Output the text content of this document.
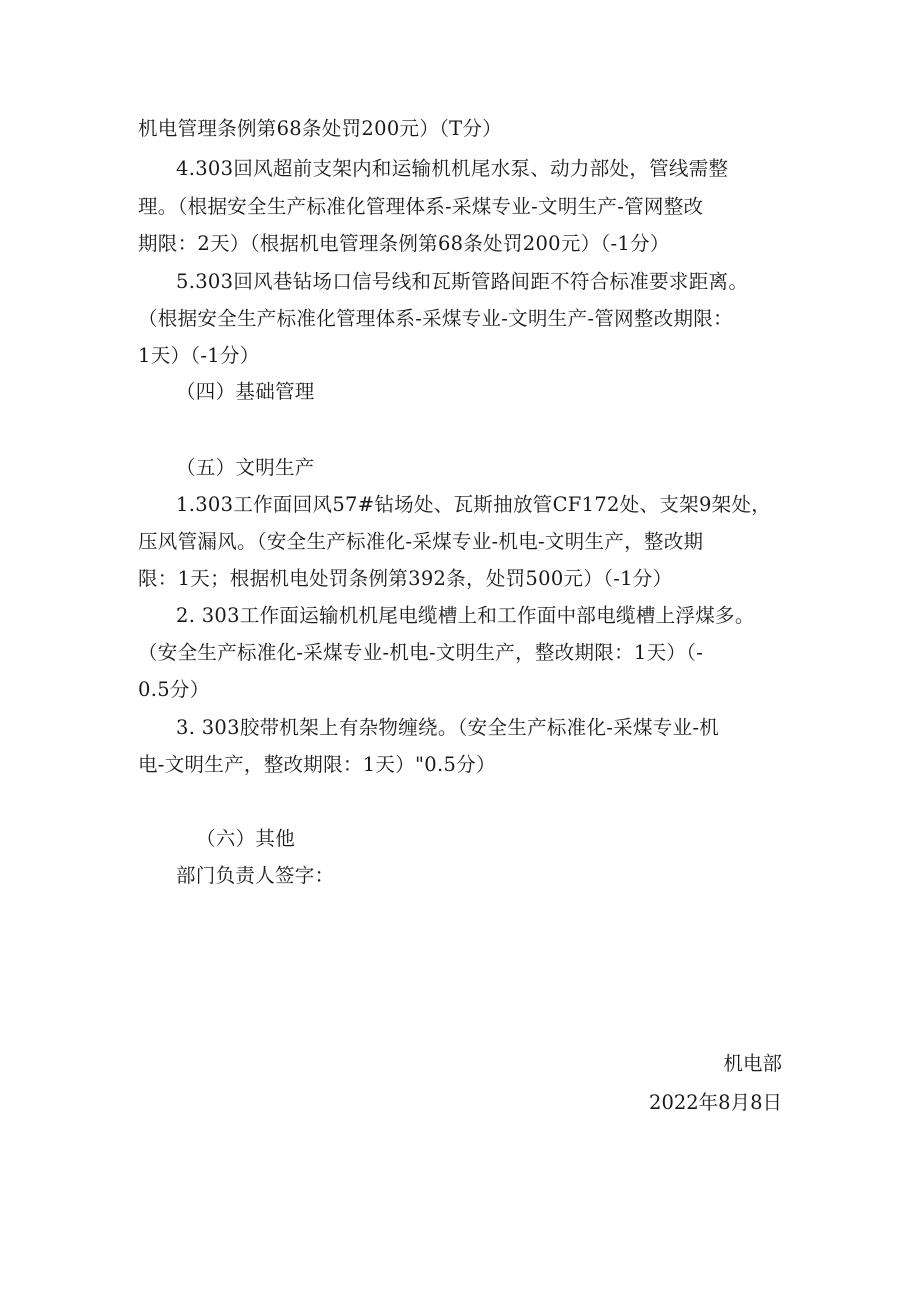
机电管理条例第68条处罚200元）（T分）
4.303回风超前支架内和运输机机尾水泵、动力部处，管线需整
理。（根据安全生产标准化管理体系-采煤专业-文明生产-管网整改
期限：2天）（根据机电管理条例第68条处罚200元）（-1分）
5.303回风巷钻场口信号线和瓦斯管路间距不符合标准要求距离。
（根据安全生产标准化管理体系-采煤专业-文明生产-管网整改期限：
1天）（-1分）
（四）基础管理
（五）文明生产
1.303工作面回风57#钻场处、瓦斯抽放管CF172处、支架9架处，
压风管漏风。（安全生产标准化-采煤专业-机电-文明生产，整改期
限：1天；根据机电处罚条例第392条，处罚500元）（-1分）
2. 303工作面运输机机尾电缆槽上和工作面中部电缆槽上浮煤多。
（安全生产标准化-采煤专业-机电-文明生产，整改期限：1天）（-
0.5分）
3. 303胶带机架上有杂物缠绕。（安全生产标准化-采煤专业-机
电-文明生产，整改期限：1天）"0.5分）
（六）其他
部门负责人签字：
机电部
2022年8月8日
